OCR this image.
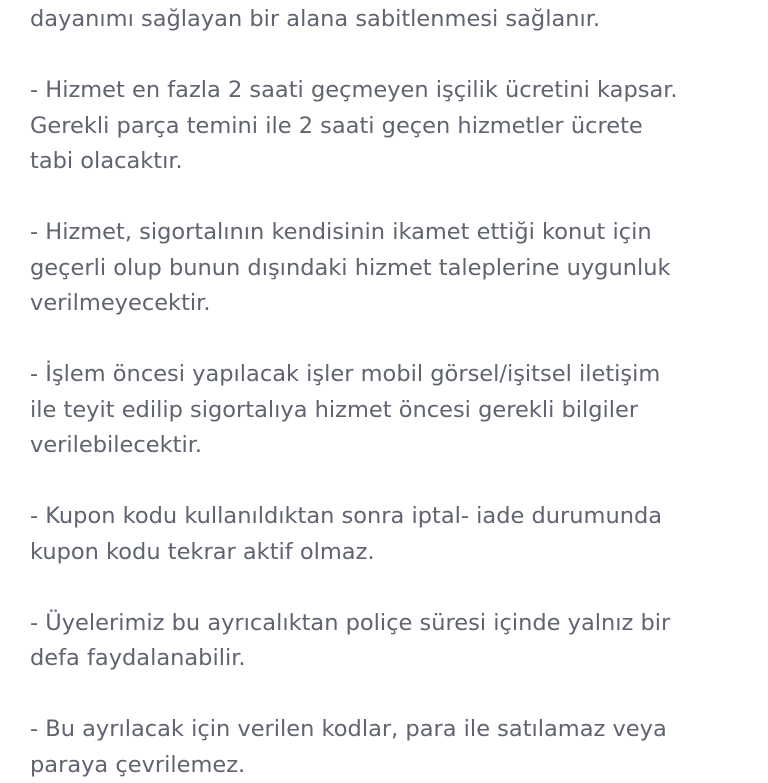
dayanımı sağlayan bir alana sabitlenmesi sağlanır.
- Hizmet en fazla 2 saati geçmeyen işçilik ücretini kapsar.
Gerekli parça temini ile 2 saati geçen hizmetler ücrete
tabi olacaktır.
- Hizmet, sigortalının kendisinin ikamet ettiği konut için
geçerli olup bunun dışındaki hizmet taleplerine uygunluk
verilmeyecektir.
- İşlem öncesi yapılacak işler mobil görsel/işitsel iletişim
ile teyit edilip sigortalıya hizmet öncesi gerekli bilgiler
verilebilecektir.
- Kupon kodu kullanıldıktan sonra iptal- iade durumunda
kupon kodu tekrar aktif olmaz.
- Üyelerimiz bu ayrıcalıktan poliçe süresi içinde yalnız bir
defa faydalanabilir.
- Bu ayrılacak için verilen kodlar, para ile satılamaz veya
paraya çevrilemez.
